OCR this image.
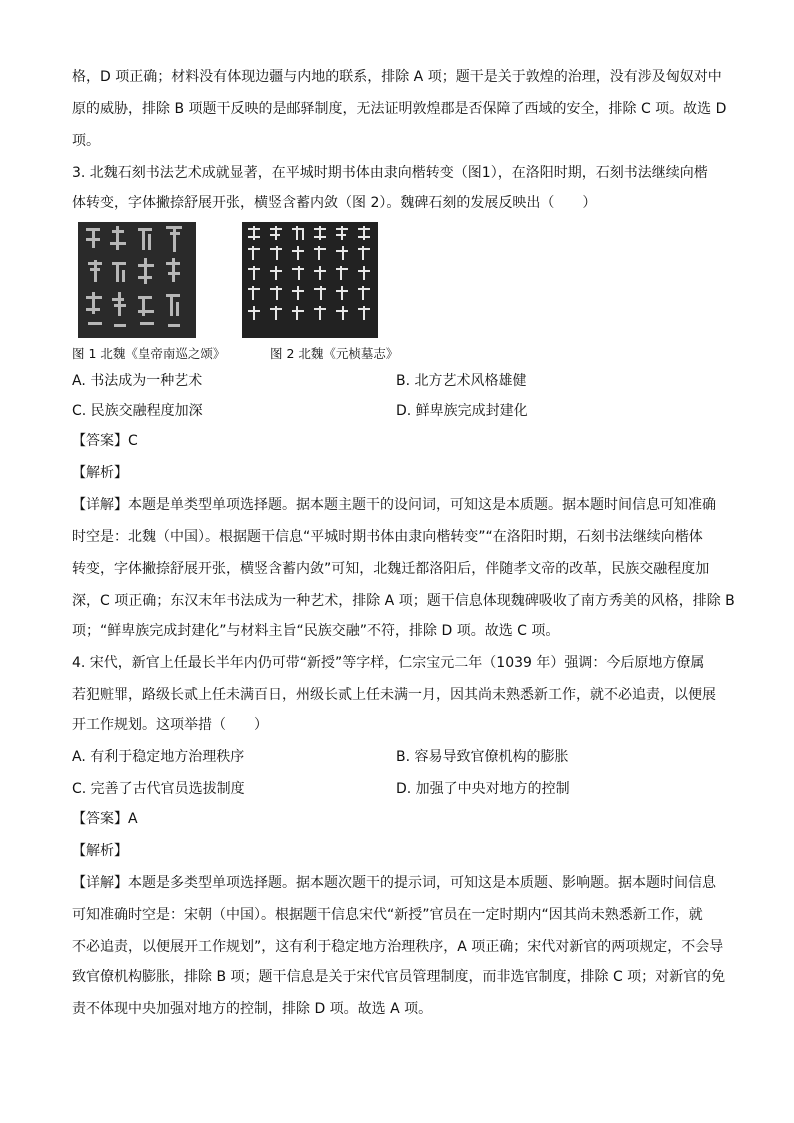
格，D 项正确；材料没有体现边疆与内地的联系，排除 A 项；题干是关于敦煌的治理，没有涉及匈奴对中
原的威胁，排除 B 项题干反映的是邮驿制度，无法证明敦煌郡是否保障了西域的安全，排除 C 项。故选 D
项。
3. 北魏石刻书法艺术成就显著，在平城时期书体由隶向楷转变（图1），在洛阳时期，石刻书法继续向楷
体转变，字体撇捺舒展开张，横竖含蓄内敛（图 2）。魏碑石刻的发展反映出（　　）
图 1 北魏《皇帝南巡之颂》	图 2 北魏《元桢墓志》
A. 书法成为一种艺术	B. 北方艺术风格雄健
C. 民族交融程度加深	D. 鲜卑族完成封建化
【答案】C
【解析】
【详解】本题是单类型单项选择题。据本题主题干的设问词，可知这是本质题。据本题时间信息可知准确
时空是：北魏（中国）。根据题干信息“平城时期书体由隶向楷转变”“在洛阳时期，石刻书法继续向楷体
转变，字体撇捺舒展开张，横竖含蓄内敛”可知，北魏迁都洛阳后，伴随孝文帝的改革，民族交融程度加
深，C 项正确；东汉末年书法成为一种艺术，排除 A 项；题干信息体现魏碑吸收了南方秀美的风格，排除 B
项；“鲜卑族完成封建化”与材料主旨“民族交融”不符，排除 D 项。故选 C 项。
4. 宋代，新官上任最长半年内仍可带“新授”等字样，仁宗宝元二年（1039 年）强调：今后原地方僚属
若犯赃罪，路级长贰上任未满百日，州级长贰上任未满一月，因其尚未熟悉新工作，就不必追责，以便展
开工作规划。这项举措（　　）
A. 有利于稳定地方治理秩序	B. 容易导致官僚机构的膨胀
C. 完善了古代官员选拔制度	D. 加强了中央对地方的控制
【答案】A
【解析】
【详解】本题是多类型单项选择题。据本题次题干的提示词，可知这是本质题、影响题。据本题时间信息
可知准确时空是：宋朝（中国）。根据题干信息宋代“新授”官员在一定时期内“因其尚未熟悉新工作，就
不必追责，以便展开工作规划”，这有利于稳定地方治理秩序，A 项正确；宋代对新官的两项规定，不会导
致官僚机构膨胀，排除 B 项；题干信息是关于宋代官员管理制度，而非选官制度，排除 C 项；对新官的免
责不体现中央加强对地方的控制，排除 D 项。故选 A 项。
